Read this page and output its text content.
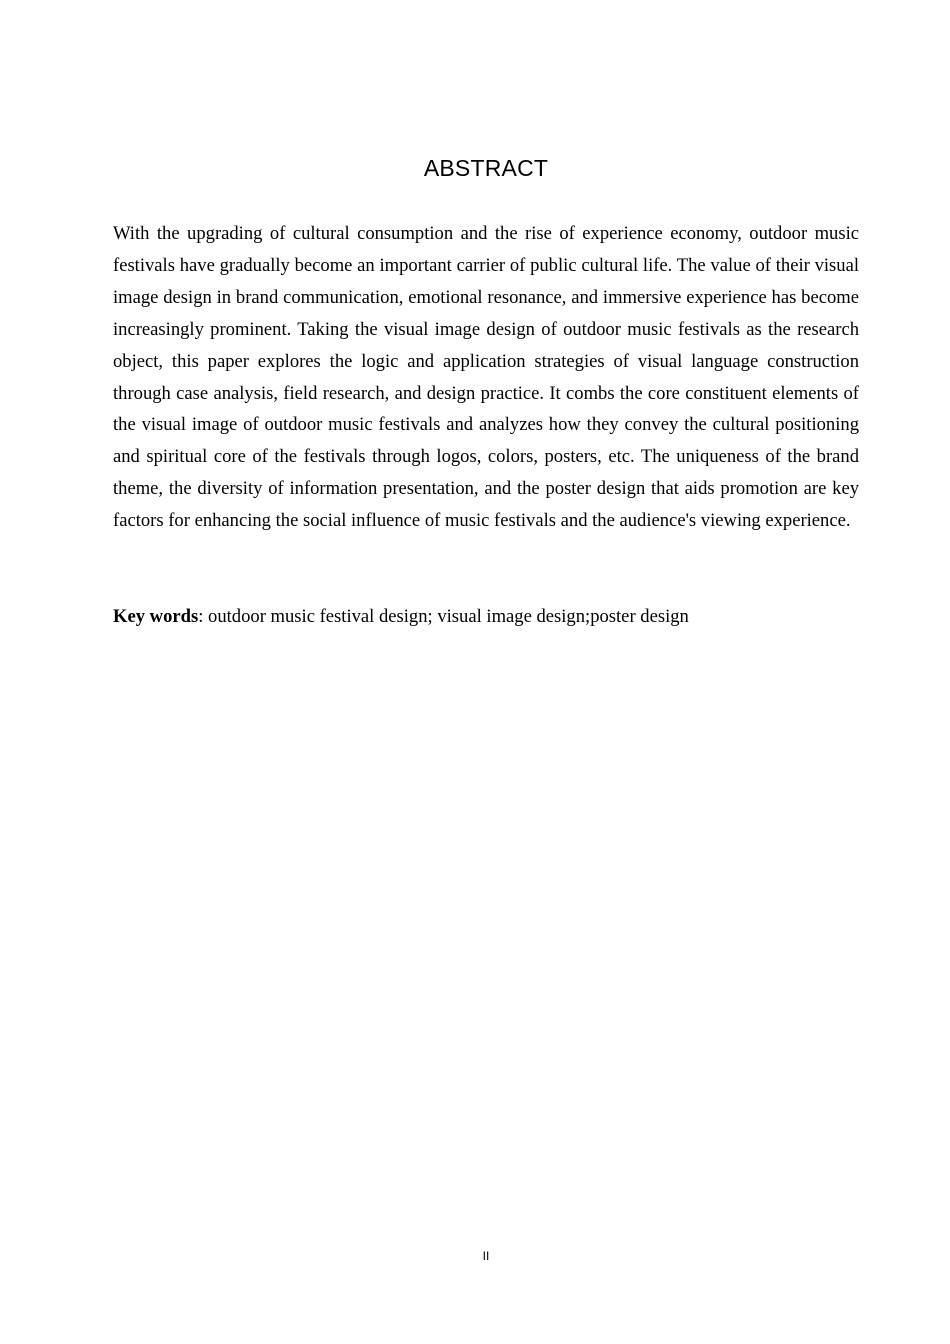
ABSTRACT

With the upgrading of cultural consumption and the rise of experience economy, outdoor music festivals have gradually become an important carrier of public cultural life. The value of their visual image design in brand communication, emotional resonance, and immersive experience has become increasingly prominent. Taking the visual image design of outdoor music festivals as the research object, this paper explores the logic and application strategies of visual language construction through case analysis, field research, and design practice. It combs the core constituent elements of the visual image of outdoor music festivals and analyzes how they convey the cultural positioning and spiritual core of the festivals through logos, colors, posters, etc. The uniqueness of the brand theme, the diversity of information presentation, and the poster design that aids promotion are key factors for enhancing the social influence of music festivals and the audience's viewing experience.

Key words: outdoor music festival design; visual image design;poster design

II
